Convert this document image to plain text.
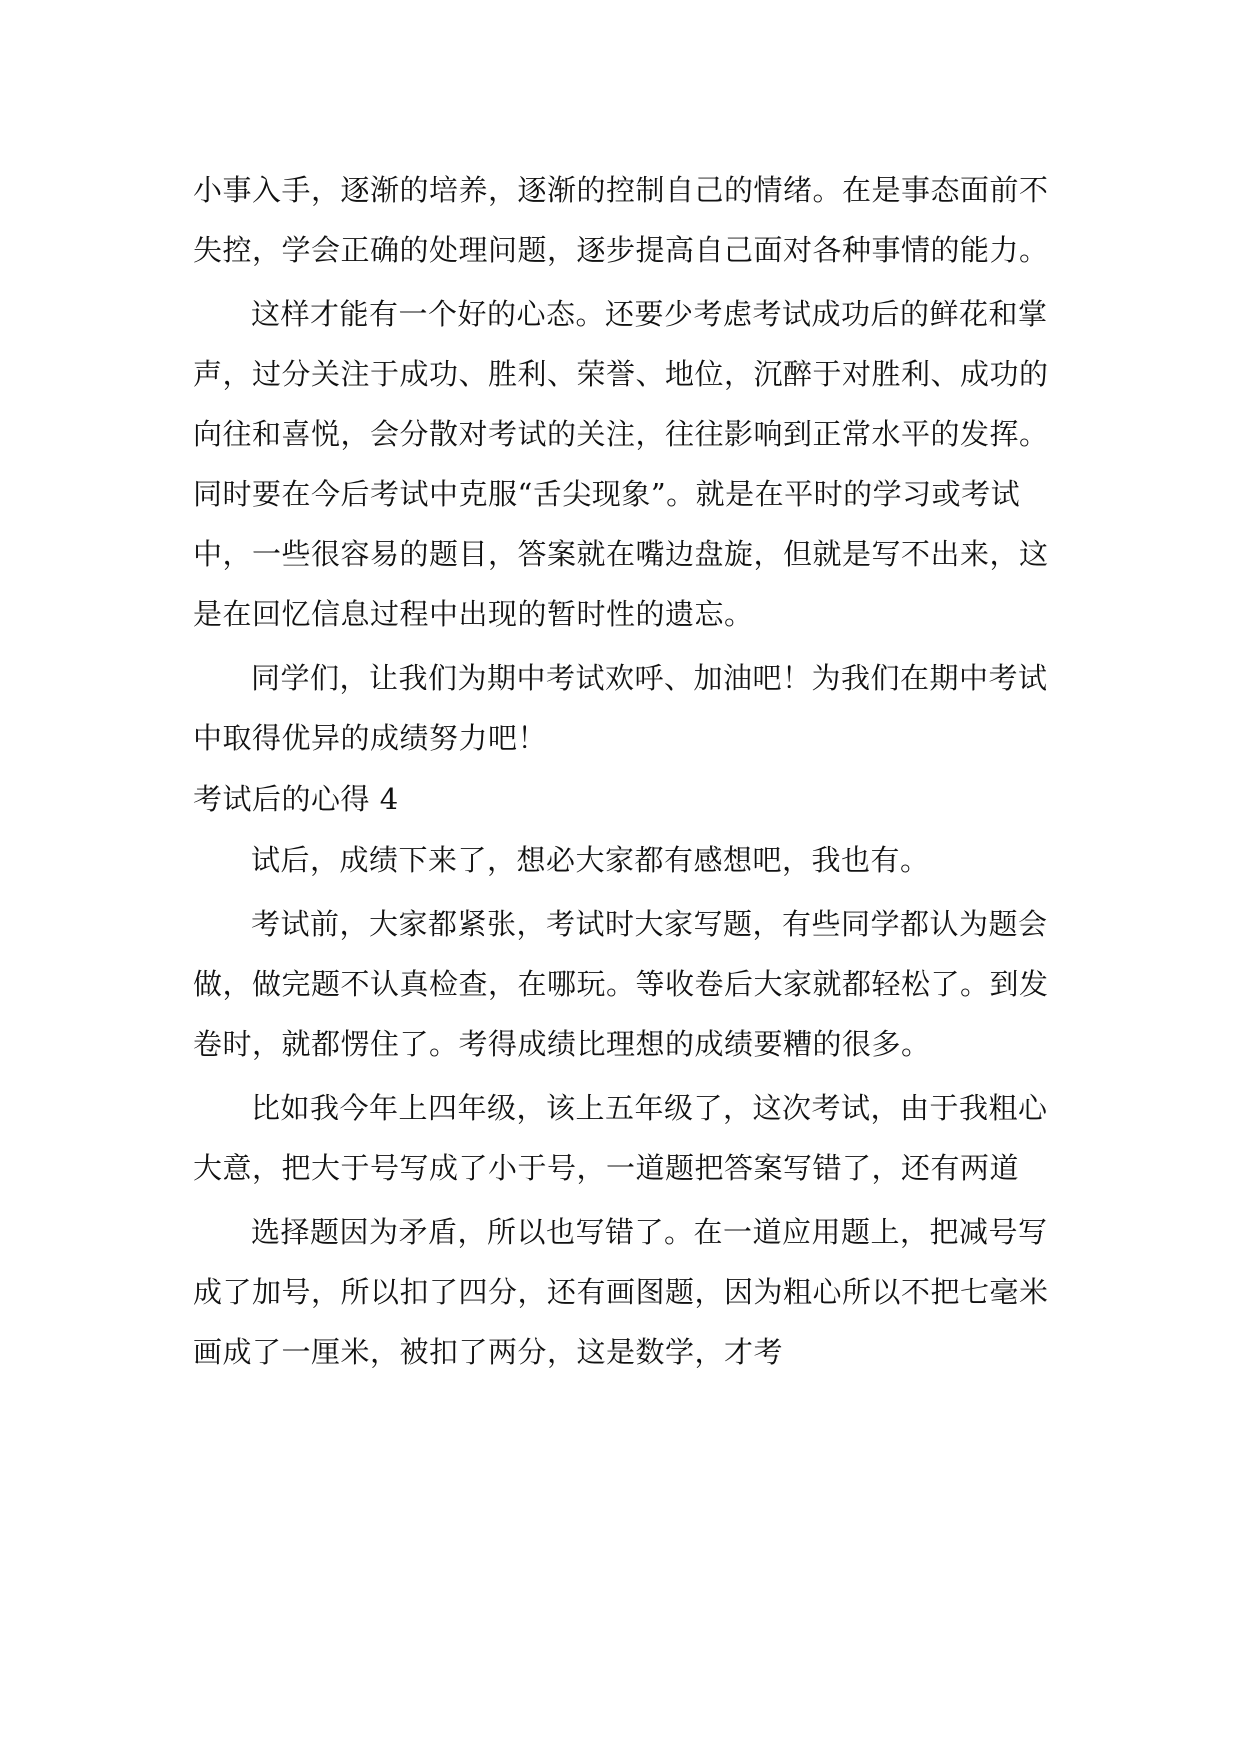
小事入手，逐渐的培养，逐渐的控制自己的情绪。在是事态面前不失控，学会正确的处理问题，逐步提高自己面对各种事情的能力。

这样才能有一个好的心态。还要少考虑考试成功后的鲜花和掌声，过分关注于成功、胜利、荣誉、地位，沉醉于对胜利、成功的向往和喜悦，会分散对考试的关注，往往影响到正常水平的发挥。同时要在今后考试中克服“舌尖现象”。就是在平时的学习或考试中，一些很容易的题目，答案就在嘴边盘旋，但就是写不出来，这是在回忆信息过程中出现的暂时性的遗忘。

同学们，让我们为期中考试欢呼、加油吧！为我们在期中考试中取得优异的成绩努力吧！

考试后的心得 4

试后，成绩下来了，想必大家都有感想吧，我也有。

考试前，大家都紧张，考试时大家写题，有些同学都认为题会做，做完题不认真检查，在哪玩。等收卷后大家就都轻松了。到发卷时，就都愣住了。考得成绩比理想的成绩要糟的很多。

比如我今年上四年级，该上五年级了，这次考试，由于我粗心大意，把大于号写成了小于号，一道题把答案写错了，还有两道

选择题因为矛盾，所以也写错了。在一道应用题上，把减号写成了加号，所以扣了四分，还有画图题，因为粗心所以不把七毫米画成了一厘米，被扣了两分，这是数学，才考
